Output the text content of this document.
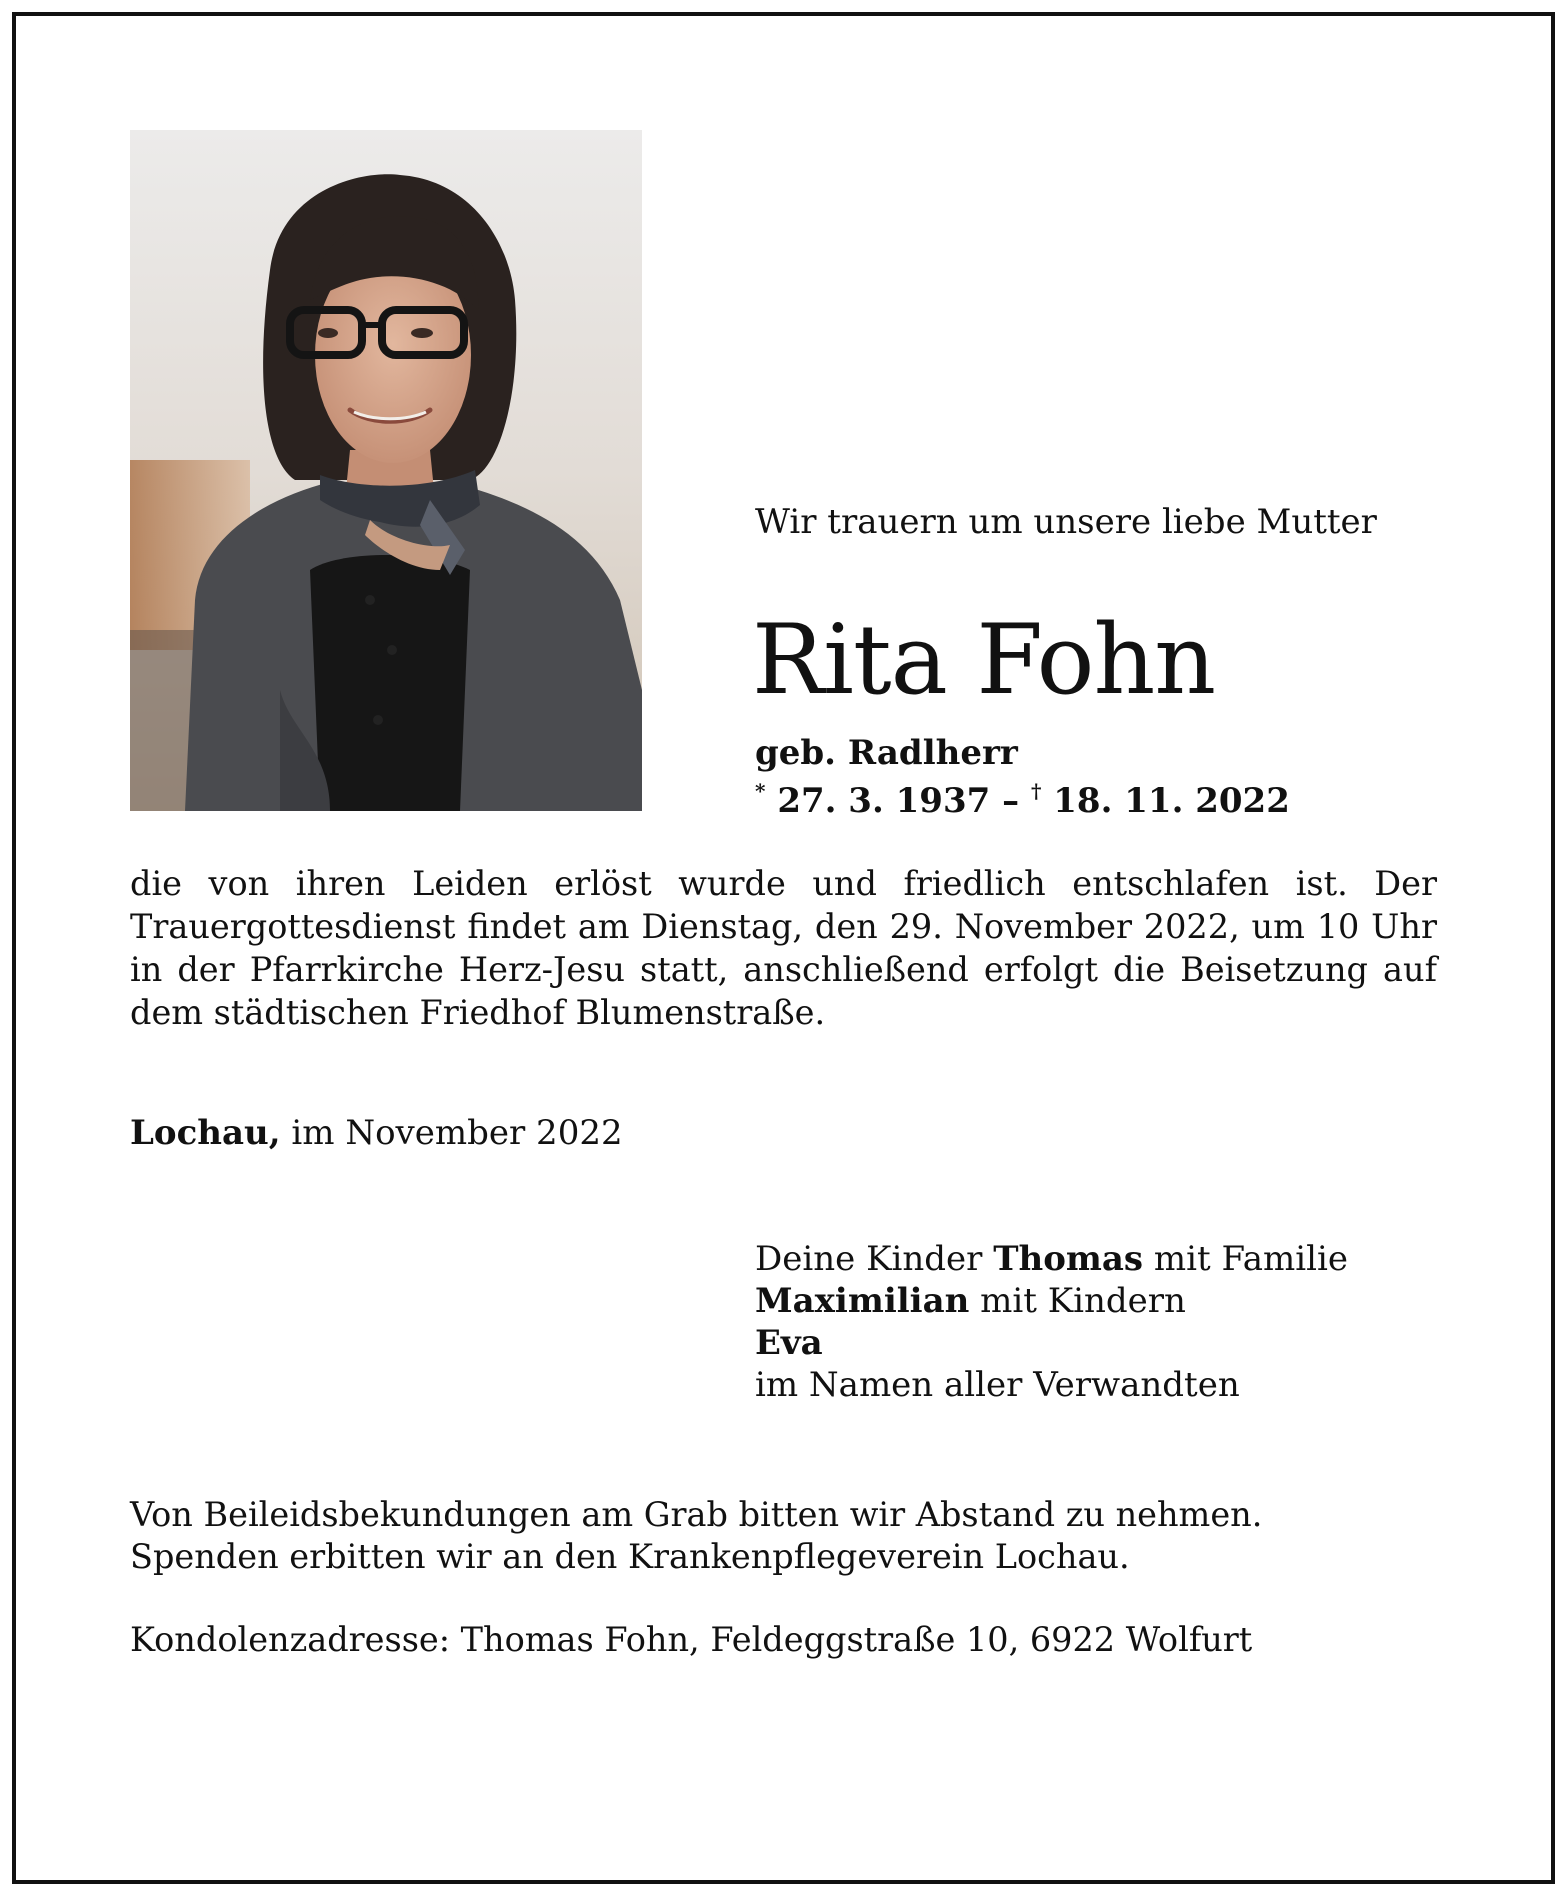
Wir trauern um unsere liebe Mutter
Rita Fohn
geb. Radlherr
* 27. 3. 1937 – † 18. 11. 2022
die von ihren Leiden erlöst wurde und friedlich entschlafen ist. Der Trauergottesdienst findet am Dienstag, den 29. November 2022, um 10 Uhr in der Pfarrkirche Herz-Jesu statt, anschließend erfolgt die Beisetzung auf dem städtischen Friedhof Blumenstraße.
Lochau, im November 2022
Deine Kinder Thomas mit Familie
Maximilian mit Kindern
Eva
im Namen aller Verwandten
Von Beileidsbekundungen am Grab bitten wir Abstand zu nehmen.
Spenden erbitten wir an den Krankenpflegeverein Lochau.
Kondolenzadresse: Thomas Fohn, Feldeggstraße 10, 6922 Wolfurt
